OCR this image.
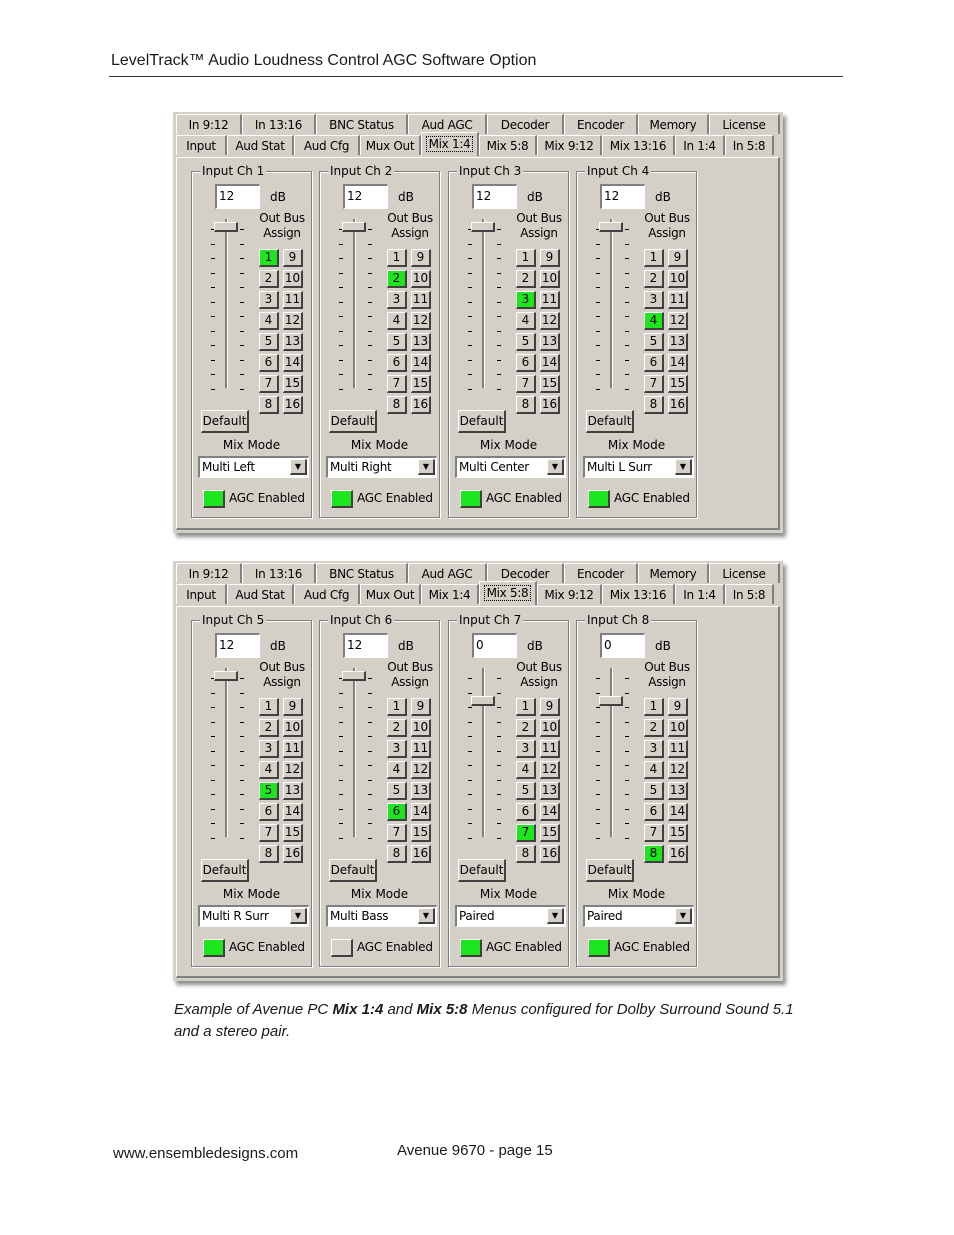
LevelTrack™ Audio Loudness Control AGC Software Option
In 9:12	In 13:16	BNC Status	Aud AGC	Decoder	Encoder	Memory	License
Input	Aud Stat	Aud Cfg	Mux Out	Mix 1:4	Mix 5:8	Mix 9:12	Mix 13:16	In 1:4	In 5:8
Input Ch 1
12	dB
Out Bus
Assign
1	9
2	10
3	11
4	12
5	13
6	14
7	15
8	16
Default
Mix Mode
Multi Left	▼
AGC Enabled
Input Ch 2
12	dB
Out Bus
Assign
1	9
2	10
3	11
4	12
5	13
6	14
7	15
8	16
Default
Mix Mode
Multi Right	▼
AGC Enabled
Input Ch 3
12	dB
Out Bus
Assign
1	9
2	10
3	11
4	12
5	13
6	14
7	15
8	16
Default
Mix Mode
Multi Center	▼
AGC Enabled
Input Ch 4
12	dB
Out Bus
Assign
1	9
2	10
3	11
4	12
5	13
6	14
7	15
8	16
Default
Mix Mode
Multi L Surr	▼
AGC Enabled
In 9:12	In 13:16	BNC Status	Aud AGC	Decoder	Encoder	Memory	License
Input	Aud Stat	Aud Cfg	Mux Out	Mix 1:4	Mix 5:8	Mix 9:12	Mix 13:16	In 1:4	In 5:8
Input Ch 5
12	dB
Out Bus
Assign
1	9
2	10
3	11
4	12
5	13
6	14
7	15
8	16
Default
Mix Mode
Multi R Surr	▼
AGC Enabled
Input Ch 6
12	dB
Out Bus
Assign
1	9
2	10
3	11
4	12
5	13
6	14
7	15
8	16
Default
Mix Mode
Multi Bass	▼
AGC Enabled
Input Ch 7
0	dB
Out Bus
Assign
1	9
2	10
3	11
4	12
5	13
6	14
7	15
8	16
Default
Mix Mode
Paired	▼
AGC Enabled
Input Ch 8
0	dB
Out Bus
Assign
1	9
2	10
3	11
4	12
5	13
6	14
7	15
8	16
Default
Mix Mode
Paired	▼
AGC Enabled
Example of Avenue PC Mix 1:4 and Mix 5:8 Menus configured for Dolby Surround Sound 5.1 and a stereo pair.
www.ensembledesigns.com	Avenue 9670 - page 15
